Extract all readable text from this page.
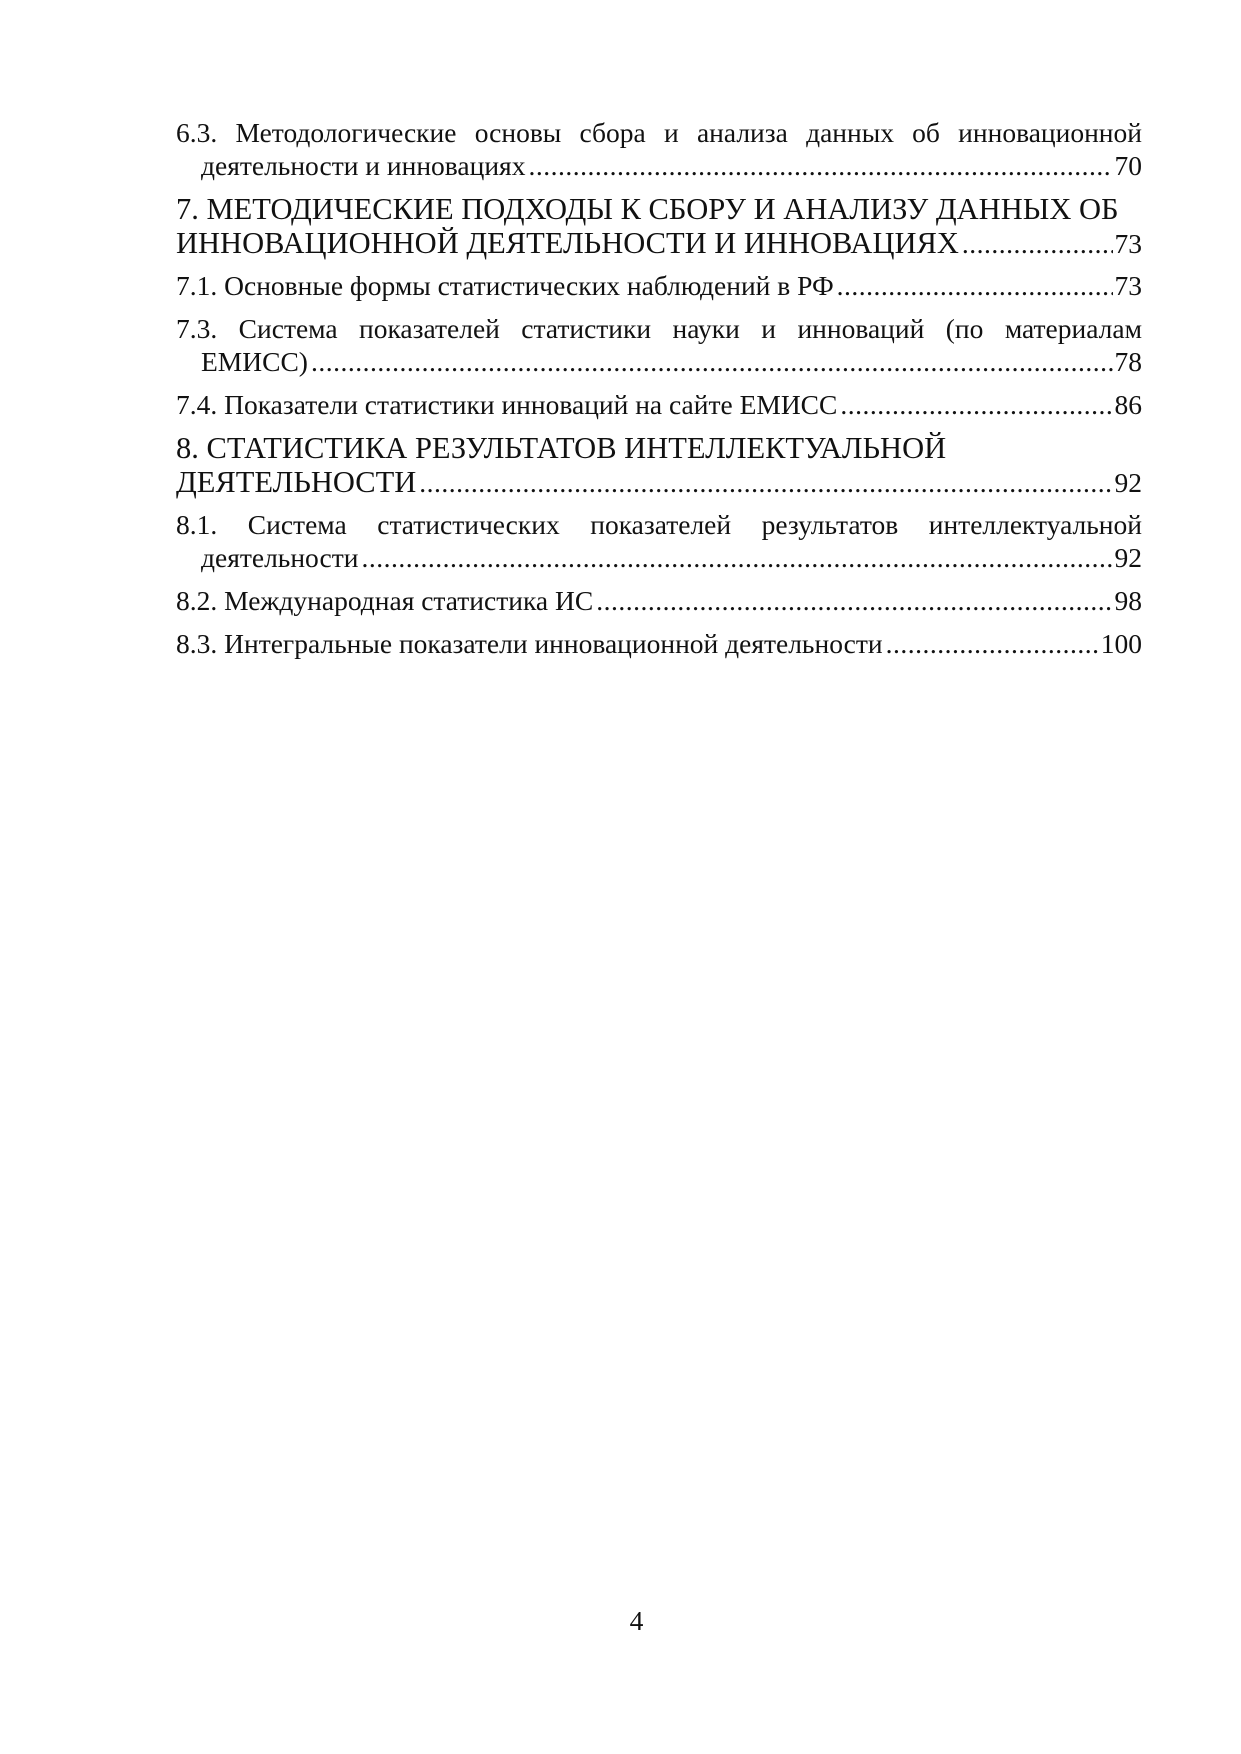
6.3. Методологические основы сбора и анализа данных об инновационной
деятельности и инновациях .....	70
7. МЕТОДИЧЕСКИЕ ПОДХОДЫ К СБОРУ И АНАЛИЗУ ДАННЫХ ОБ
ИННОВАЦИОННОЙ ДЕЯТЕЛЬНОСТИ И ИННОВАЦИЯХ .....	73
7.1. Основные формы статистических наблюдений в РФ .....	73
7.3. Система показателей статистики науки и инноваций (по материалам
ЕМИСС) .....	78
7.4. Показатели статистики инноваций на сайте ЕМИСС .....	86
8. СТАТИСТИКА РЕЗУЛЬТАТОВ ИНТЕЛЛЕКТУАЛЬНОЙ
ДЕЯТЕЛЬНОСТИ .....	92
8.1. Система статистических показателей результатов интеллектуальной
деятельности .....	92
8.2. Международная статистика ИС .....	98
8.3. Интегральные показатели инновационной деятельности .....	100
4
